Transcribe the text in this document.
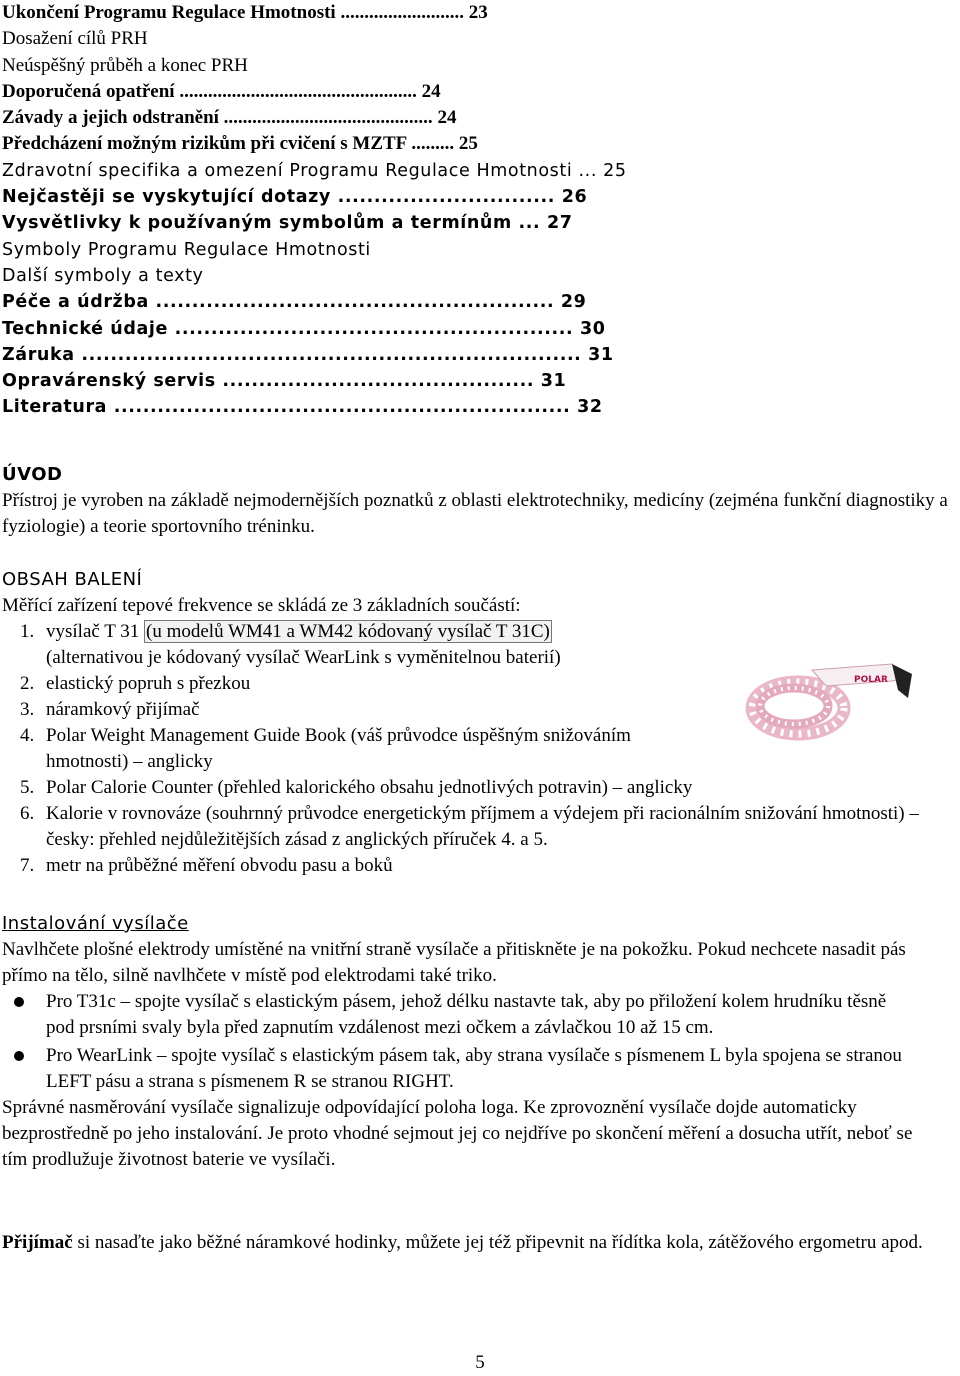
Ukončení Programu Regulace Hmotnosti .......................... 23
Dosažení cílů PRH
Neúspěšný průběh a konec PRH
Doporučená opatření .................................................. 24
Závady a jejich odstranění ............................................ 24
Předcházení možným rizikům při cvičení s MZTF ......... 25
Zdravotní specifika a omezení Programu Regulace Hmotnosti ... 25
Nejčastěji se vyskytující dotazy .............................. 26
Vysvětlivky k používaným symbolům a termínům ... 27
Symboly Programu Regulace Hmotnosti
Další symboly a texty
Péče a údržba ....................................................... 29
Technické údaje ....................................................... 30
Záruka ..................................................................... 31
Opravárenský servis ........................................... 31
Literatura ............................................................... 32
ÚVOD

Přístroj je vyroben na základě nejmodernějších poznatků z oblasti elektrotechniky, medicíny (zejména funkční diagnostiky a fyziologie) a teorie sportovního tréninku.

OBSAH BALENÍ

Měřící zařízení tepové frekvence se skládá ze 3 základních součástí:

1. vysílač T 31 (u modelů WM41 a WM42 kódovaný vysílač T 31C)
(alternativou je kódovaný vysílač WearLink s vyměnitelnou baterií)
2. elastický popruh s přezkou
3. náramkový přijímač
4. Polar Weight Management Guide Book (váš průvodce úspěšným snižováním hmotnosti) – anglicky
5. Polar Calorie Counter (přehled kalorického obsahu jednotlivých potravin) – anglicky
6. Kalorie v rovnováze (souhrnný průvodce energetickým příjmem a výdejem při racionálním snižování hmotnosti) – česky: přehled nejdůležitějších zásad z anglických příruček 4. a 5.
7. metr na průběžné měření obvodu pasu a boků
POLAR
Instalování vysílače

Navlhčete plošné elektrody umístěné na vnitřní straně vysílače a přitiskněte je na pokožku. Pokud nechcete nasadit pás přímo na tělo, silně navlhčete v místě pod elektrodami také triko.

Pro T31c – spojte vysílač s elastickým pásem, jehož délku nastavte tak, aby po přiložení kolem hrudníku těsně pod prsními svaly byla před zapnutím vzdálenost mezi očkem a závlačkou 10 až 15 cm.
Pro WearLink – spojte vysílač s elastickým pásem tak, aby strana vysílače s písmenem L byla spojena se stranou LEFT pásu a strana s písmenem R se stranou RIGHT.

Správné nasměrování vysílače signalizuje odpovídající poloha loga. Ke zprovoznění vysílače dojde automaticky bezprostředně po jeho instalování. Je proto vhodné sejmout jej co nejdříve po skončení měření a dosucha utřít, neboť se tím prodlužuje životnost baterie ve vysílači.

Přijímač si nasaďte jako běžné náramkové hodinky, můžete jej též připevnit na řídítka kola, zátěžového ergometru apod.

5
